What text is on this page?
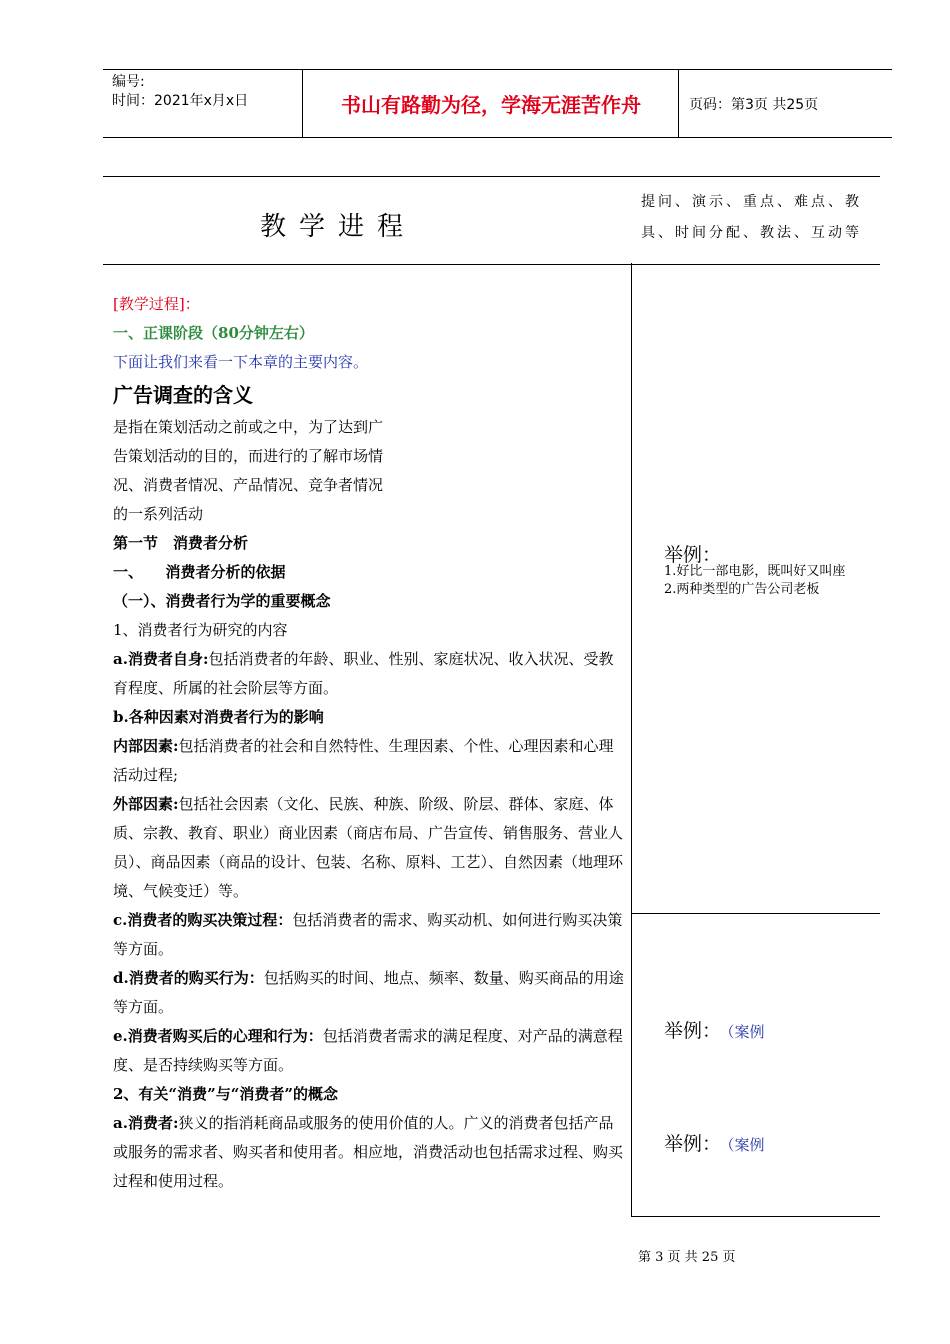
编号:
时间：2021年x月x日	书山有路勤为径，学海无涯苦作舟	页码：第3页 共25页
教学进程
提问、演示、重点、难点、教
具、时间分配、教法、互动等

[教学过程]：

一、正课阶段（80分钟左右）

下面让我们来看一下本章的主要内容。

广告调查的含义

是指在策划活动之前或之中，为了达到广

告策划活动的目的，而进行的了解市场情

况、消费者情况、产品情况、竞争者情况

的一系列活动

第一节　消费者分析

一、　　消费者分析的依据

（一）、消费者行为学的重要概念

1、消费者行为研究的内容

a.消费者自身:包括消费者的年龄、职业、性别、家庭状况、收入状况、受教育程度、所属的社会阶层等方面。

b.各种因素对消费者行为的影响

内部因素:包括消费者的社会和自然特性、生理因素、个性、心理因素和心理活动过程;

外部因素:包括社会因素（文化、民族、种族、阶级、阶层、群体、家庭、体质、宗教、教育、职业）商业因素（商店布局、广告宣传、销售服务、营业人员）、商品因素（商品的设计、包装、名称、原料、工艺）、自然因素（地理环境、气候变迁）等。

c.消费者的购买决策过程：包括消费者的需求、购买动机、如何进行购买决策等方面。

d.消费者的购买行为：包括购买的时间、地点、频率、数量、购买商品的用途等方面。

e.消费者购买后的心理和行为：包括消费者需求的满足程度、对产品的满意程度、是否持续购买等方面。

2、有关“消费”与“消费者”的概念

a.消费者:狭义的指消耗商品或服务的使用价值的人。广义的消费者包括产品或服务的需求者、购买者和使用者。相应地，消费活动也包括需求过程、购买过程和使用过程。

举例：
1.好比一部电影，既叫好又叫座
2.两种类型的广告公司老板
举例： （案例
举例： （案例
第 3 页 共 25 页
